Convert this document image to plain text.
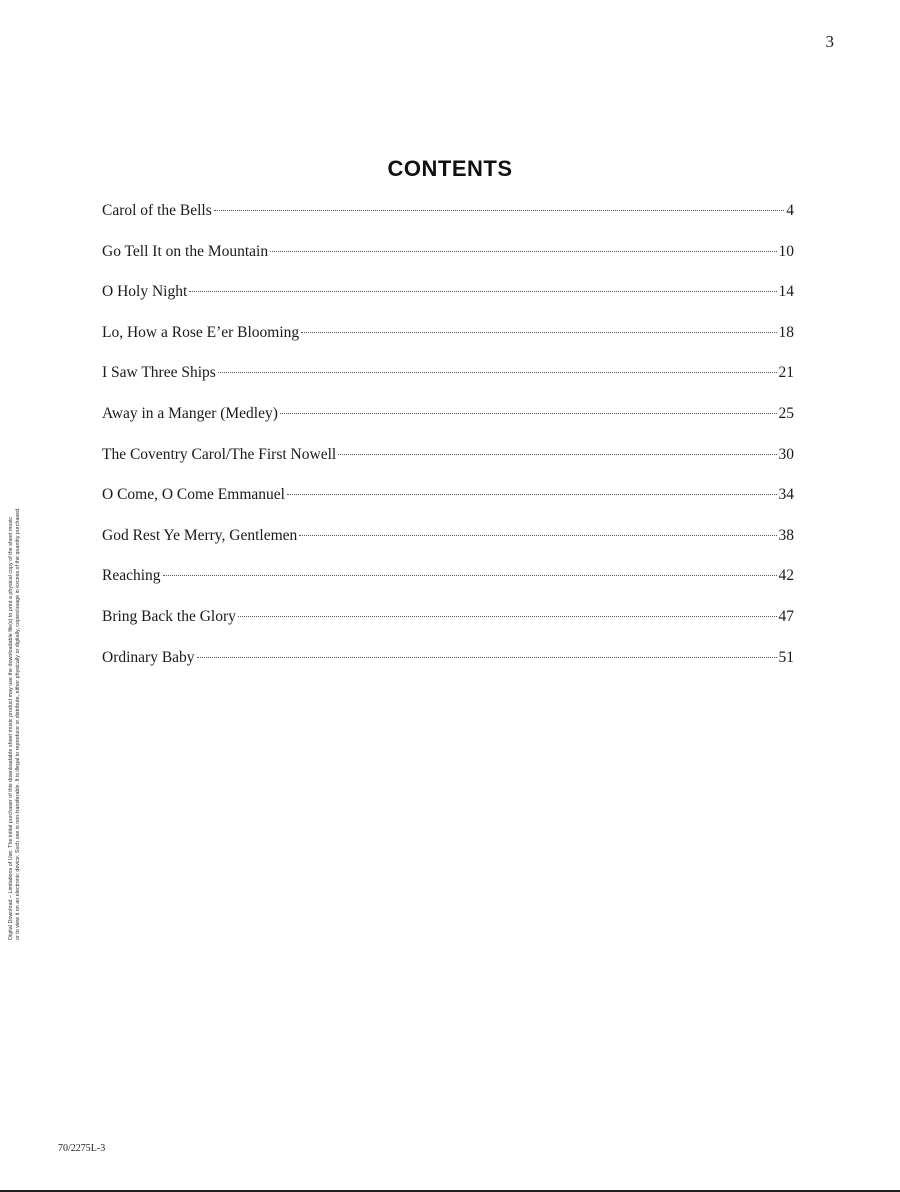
3
Digital Download – Limitations of Use: The initial purchaser of this downloadable sheet music product may use the downloadable file(s) to print a physical copy of the sheet music or to view it on an electronic device. Such use is non-transferable. It is illegal to reproduce or distribute, either physically or digitally, copies/usage in excess of the quantity purchased.
CONTENTS
Carol of the Bells	4
Go Tell It on the Mountain	10
O Holy Night	14
Lo, How a Rose E’er Blooming	18
I Saw Three Ships	21
Away in a Manger (Medley)	25
The Coventry Carol/The First Nowell	30
O Come, O Come Emmanuel	34
God Rest Ye Merry, Gentlemen	38
Reaching	42
Bring Back the Glory	47
Ordinary Baby	51
70/2275L-3
